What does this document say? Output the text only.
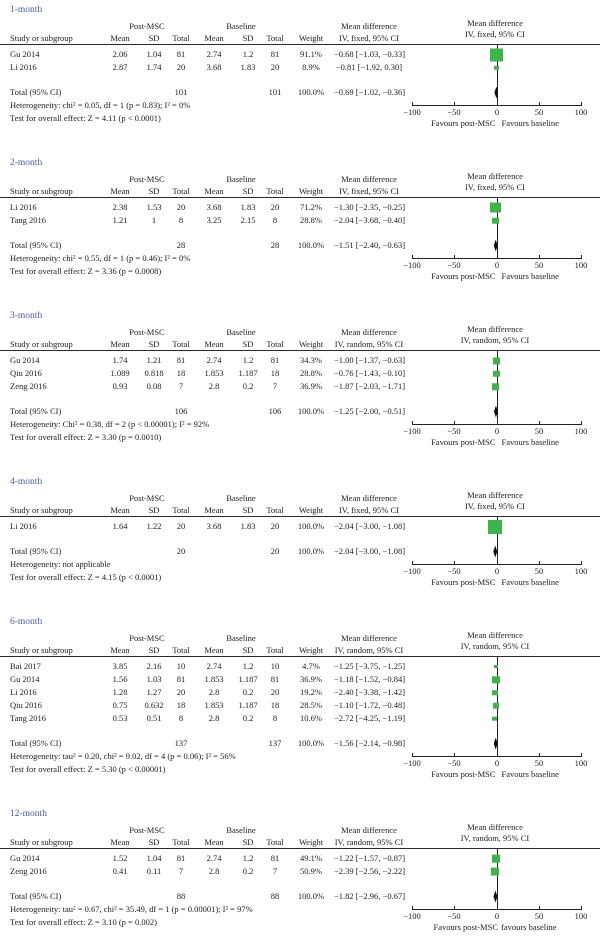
1-month
Post-MSC	Baseline	Mean difference
Study or subgroup	Mean	SD	Total	Mean	SD	Total	Weight	IV, fixed, 95% CI
Gu 2014	2.06	1.04	81	2.74	1.2	81	91.1%	−0.68 [−1.03, −0.33]
Li 2016	2.87	1.74	20	3.68	1.83	20	8.9%	−0.81 [−1.92, 0.30]
Total (95% CI)	101	101	100.0%	−0.69 [−1.02, −0.36]
Heterogeneity: chi² = 0.05, df = 1 (p = 0.83); I² = 0%
Test for overall effect: Z = 4.11 (p < 0.0001)
Mean difference
IV, fixed, 95% CI
−100	−50	0	50	100
Favours post-MSC Favours baseline
2-month
Post-MSC	Baseline	Mean difference
Study or subgroup	Mean	SD	Total	Mean	SD	Total	Weight	IV, fixed, 95% CI
Li 2016	2.38	1.53	20	3.68	1.83	20	71.2%	−1.30 [−2.35, −0.25]
Tang 2016	1.21	1	8	3.25	2.15	8	28.8%	−2.04 [−3.68, −0.40]
Total (95% CI)	28	28	100.0%	−1.51 [−2.40, −0.63]
Heterogeneity: chi² = 0.55, df = 1 (p = 0.46); I² = 0%
Test for overall effect: Z = 3.36 (p = 0.0008)
Mean difference
IV, fixed, 95% CI
−100	−50	0	50	100
Favours post-MSC Favours baseline
3-month
Post-MSC	Baseline	Mean difference
Study or subgroup	Mean	SD	Total	Mean	SD	Total	Weight	IV, random, 95% CI
Gu 2014	1.74	1.21	81	2.74	1.2	81	34.3%	−1.00 [−1.37, −0.63]
Qiu 2016	1.089	0.818	18	1.853	1.187	18	28.8%	−0.76 [−1.43, −0.10]
Zeng 2016	0.93	0.08	7	2.8	0.2	7	36.9%	−1.87 [−2.03, −1.71]
Total (95% CI)	106	106	100.0%	−1.25 [−2.00, −0.51]
Heterogeneity: Chi² = 0.38, df = 2 (p < 0.00001); I² = 92%
Test for overall effect: Z = 3.30 (p = 0.0010)
Mean difference
IV, random, 95% CI
−100	−50	0	50	100
Favours post-MSC Favours baseline
4-month
Post-MSC	Baseline	Mean difference
Study or subgroup	Mean	SD	Total	Mean	SD	Total	Weight	IV, fixed, 95% CI
Li 2016	1.64	1.22	20	3.68	1.83	20	100.0%	−2.04 [−3.00, −1.08]
Total (95% CI)	20	20	100.0%	−2.04 [−3.00, −1.08]
Heterogeneity: not applicable
Test for overall effect: Z = 4.15 (p < 0.0001)
Mean difference
IV, fixed, 95% CI
−100	−50	0	50	100
Favours post-MSC Favours baseline
6-month
Post-MSC	Baseline	Mean difference
Study or subgroup	Mean	SD	Total	Mean	SD	Total	Weight	IV, random, 95% CI
Bai 2017	3.85	2.16	10	2.74	1.2	10	4.7%	−1.25 [−3.75, −1.25]
Gu 2014	1.56	1.03	81	1.853	1.187	81	36.9%	−1.18 [−1.52, −0.84]
Li 2016	1.28	1.27	20	2.8	0.2	20	19.2%	−2.40 [−3.38, −1.42]
Qiu 2016	0.75	0.632	18	1.853	1.187	18	28.5%	−1.10 [−1.72, −0.48]
Tang 2016	0.53	0.51	8	2.8	0.2	8	10.6%	−2.72 [−4.25, −1.19]
Total (95% CI)	137	137	100.0%	−1.56 [−2.14, −0.98]
Heterogeneity: tau² = 0.20, chi² = 9.02, df = 4 (p = 0.06); I² = 56%
Test for overall effect: Z = 5.30 (p < 0.00001)
Mean difference
IV, random, 95% CI
−100	−50	0	50	100
Favours post-MSC Favours baseline
12-month
Post-MSC	Baseline	Mean difference
Study or subgroup	Mean	SD	Total	Mean	SD	Total	Weight	IV, random, 95% CI
Gu 2014	1.52	1.04	81	2.74	1.2	81	49.1%	−1.22 [−1.57, −0.87]
Zeng 2016	0.41	0.11	7	2.8	0.2	7	50.9%	−2.39 [−2.56, −2.22]
Total (95% CI)	88	88	100.0%	−1.82 [−2.96, −0.67]
Heterogeneity: tau² = 0.67, chi² = 35.49, df = 1 (p = 0.00001); I² = 97%
Test for overall effect: Z = 3.10 (p = 0.002)
Mean difference
IV, random, 95% CI
−100	−50	0	50	100
Favours post-MSC favours baseline
